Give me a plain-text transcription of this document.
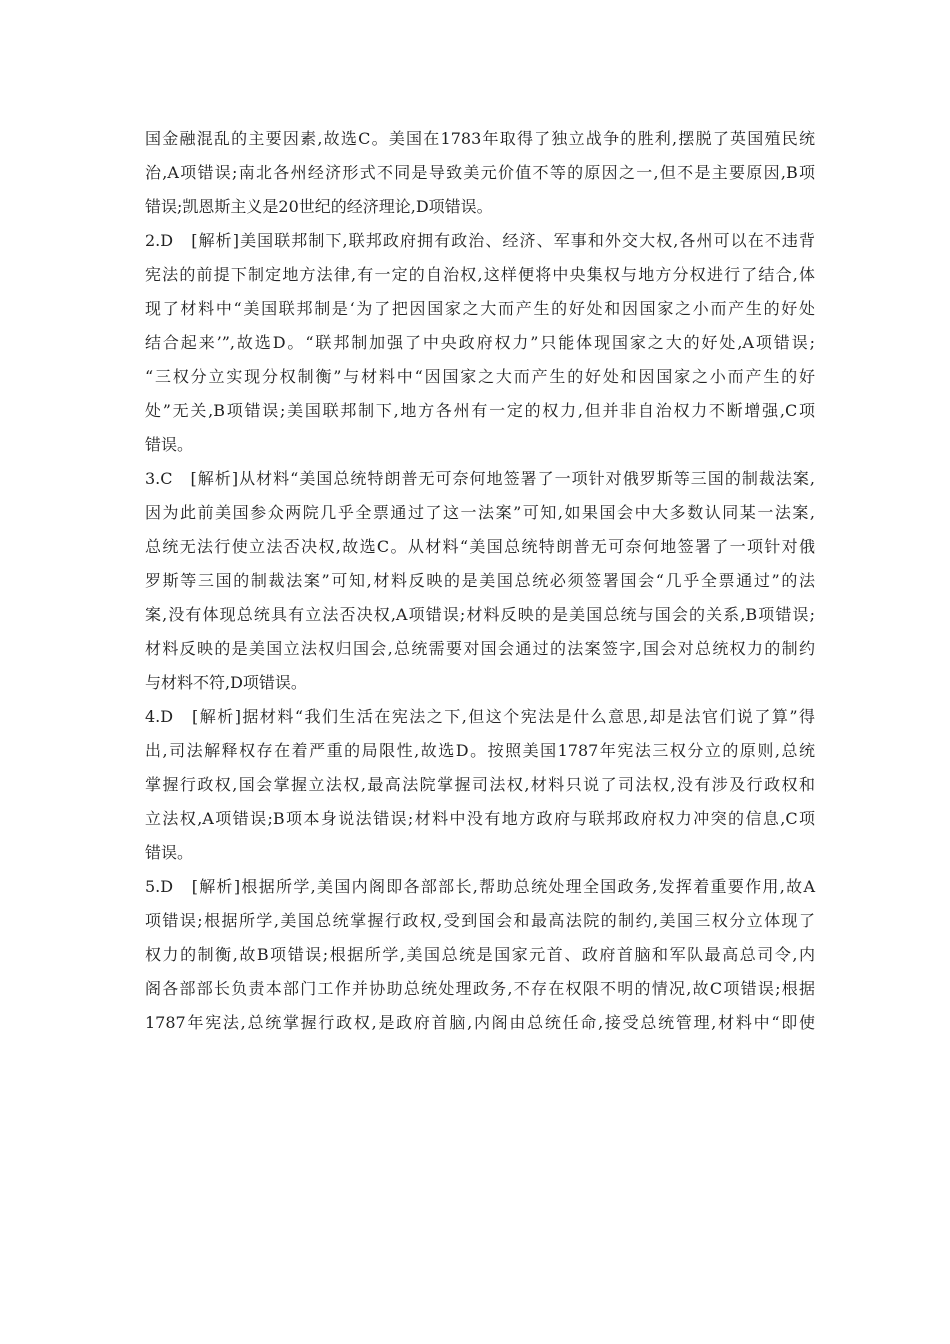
国金融混乱的主要因素,故选C。美国在1783年取得了独立战争的胜利,摆脱了英国殖民统
治,A项错误;南北各州经济形式不同是导致美元价值不等的原因之一,但不是主要原因,B项
错误;凯恩斯主义是20世纪的经济理论,D项错误。
2.D　[解析]美国联邦制下,联邦政府拥有政治、经济、军事和外交大权,各州可以在不违背
宪法的前提下制定地方法律,有一定的自治权,这样便将中央集权与地方分权进行了结合,体
现了材料中“美国联邦制是‘为了把因国家之大而产生的好处和因国家之小而产生的好处
结合起来’”,故选D。“联邦制加强了中央政府权力”只能体现国家之大的好处,A项错误;
“三权分立实现分权制衡”与材料中“因国家之大而产生的好处和因国家之小而产生的好
处”无关,B项错误;美国联邦制下,地方各州有一定的权力,但并非自治权力不断增强,C项
错误。
3.C　[解析]从材料“美国总统特朗普无可奈何地签署了一项针对俄罗斯等三国的制裁法案,
因为此前美国参众两院几乎全票通过了这一法案”可知,如果国会中大多数认同某一法案,
总统无法行使立法否决权,故选C。从材料“美国总统特朗普无可奈何地签署了一项针对俄
罗斯等三国的制裁法案”可知,材料反映的是美国总统必须签署国会“几乎全票通过”的法
案,没有体现总统具有立法否决权,A项错误;材料反映的是美国总统与国会的关系,B项错误;
材料反映的是美国立法权归国会,总统需要对国会通过的法案签字,国会对总统权力的制约
与材料不符,D项错误。
4.D　[解析]据材料“我们生活在宪法之下,但这个宪法是什么意思,却是法官们说了算”得
出,司法解释权存在着严重的局限性,故选D。按照美国1787年宪法三权分立的原则,总统
掌握行政权,国会掌握立法权,最高法院掌握司法权,材料只说了司法权,没有涉及行政权和
立法权,A项错误;B项本身说法错误;材料中没有地方政府与联邦政府权力冲突的信息,C项
错误。
5.D　[解析]根据所学,美国内阁即各部部长,帮助总统处理全国政务,发挥着重要作用,故A
项错误;根据所学,美国总统掌握行政权,受到国会和最高法院的制约,美国三权分立体现了
权力的制衡,故B项错误;根据所学,美国总统是国家元首、政府首脑和军队最高总司令,内
阁各部部长负责本部门工作并协助总统处理政务,不存在权限不明的情况,故C项错误;根据
1787年宪法,总统掌握行政权,是政府首脑,内阁由总统任命,接受总统管理,材料中“即使
